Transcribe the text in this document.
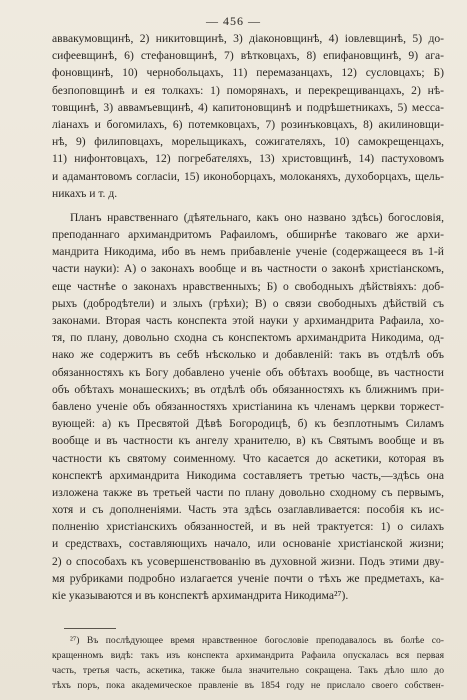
— 456 —
аввакумовщинѣ, 2) никитовщинѣ, 3) діаконовщинѣ, 4) іовлевщинѣ, 5) до-
сифеевщинѣ, 6) стефановщинѣ, 7) вѣтковцахъ, 8) епифановщинѣ, 9) ага-
фоновщинѣ, 10) чернобольцахъ, 11) перемазанцахъ, 12) сусловцахъ; Б)
безпоповщинѣ и ея толкахъ: 1) поморянахъ, и перекрещиванцахъ, 2) нѣ-
товщинѣ, 3) аввамъевщинѣ, 4) капитоновщинѣ и подрѣшетникахъ, 5) мессa-
ліанахъ и богомилахъ, 6) потемковцахъ, 7) розинъковцахъ, 8) акилиновщи-
нѣ, 9) филиповцахъ, морельщикахъ, сожигателяхъ, 10) самокрещенцахъ,
11) нифонтовцахъ, 12) погребателяхъ, 13) христовщинѣ, 14) пастуховомъ
и адамантовомъ согласіи, 15) иконоборцахъ, молоканяхъ, духоборцахъ, щель-
никахъ и т. д.
Планъ нравственнаго (дѣятельнаго, какъ оно названо здѣсь) богословія,
преподаннаго архимандритомъ Рафаиломъ, обширнѣе таковаго же архи-
мандрита Никодима, ибо въ немъ прибавленіе ученіе (содержащееся въ 1-й
части науки): А) о законахъ вообще и въ частности о законѣ христіанскомъ,
еще частнѣе о законахъ нравственныхъ; Б) о свободныхъ дѣйствіяхъ: доб-
рыхъ (добродѣтели) и злыхъ (грѣхи); В) о связи свободныхъ дѣйствій съ
законами. Вторая часть конспекта этой науки у архимандрита Рафаила, хо-
тя, по плану, довольно сходна съ конспектомъ архимандрита Никодима, од-
нако же содержитъ въ себѣ нѣсколько и добавленій: такъ въ отдѣлѣ объ
обязанностяхъ къ Богу добавлено ученіе объ обѣтахъ вообще, въ частности
объ обѣтахъ монашескихъ; въ отдѣлѣ объ обязанностяхъ къ ближнимъ при-
бавлено ученіе объ обязанностяхъ христіанина къ членамъ церкви торжест-
вующей: а) къ Пресвятой Дѣвѣ Богородицѣ, б) къ безплотнымъ Силамъ
вообще и въ частности къ ангелу хранителю, в) къ Святымъ вообще и въ
частности къ святому соименному. Что касается до аскетики, которая въ
конспектѣ архимандрита Никодима составляетъ третью часть,—здѣсь она
изложена также въ третьей части по плану довольно сходному съ первымъ,
хотя и съ дополненіями. Часть эта здѣсь озаглавливается: пособія къ ис-
полненію христіанскихъ обязанностей, и въ ней трактуется: 1) о силахъ
и средствахъ, составляющихъ начало, или основаніе христіанской жизни;
2) о способахъ къ усовершенствованію въ духовной жизни. Подъ этими дву-
мя рубриками подробно излагается ученіе почти о тѣхъ же предметахъ, ка-
кіе указываются и въ конспектѣ архимандрита Никодима²⁷).
²⁷) Въ послѣдующее время нравственное богословіе преподавалось въ болѣе со-
кращенномъ видѣ: такъ изъ конспекта архимандрита Рафаила опускалась вся первая
часть, третья часть, аскетика, также была значительно сокращена. Такъ дѣло шло до
тѣхъ поръ, пока академическое правленіе въ 1854 году не прислало своего собствен-
